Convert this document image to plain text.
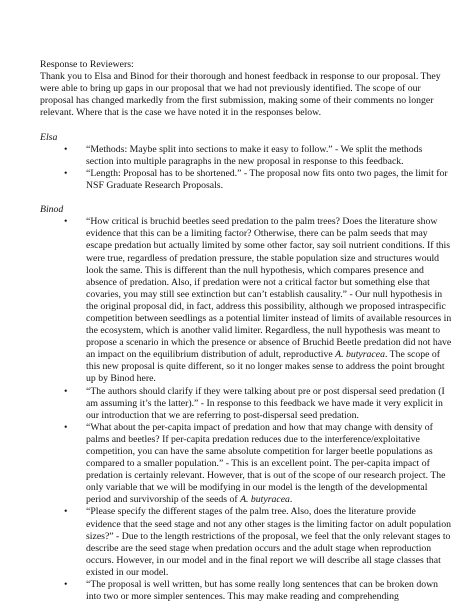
Response to Reviewers:

Thank you to Elsa and Binod for their thorough and honest feedback in response to our proposal. They were able to bring up gaps in our proposal that we had not previously identified. The scope of our proposal has changed markedly from the first submission, making some of their comments no longer relevant. Where that is the case we have noted it in the responses below.

Elsa

• “Methods: Maybe split into sections to make it easy to follow.” - We split the methods section into multiple paragraphs in the new proposal in response to this feedback.
• “Length: Proposal has to be shortened.” - The proposal now fits onto two pages, the limit for NSF Graduate Research Proposals.

Binod

• “How critical is bruchid beetles seed predation to the palm trees? Does the literature show evidence that this can be a limiting factor? Otherwise, there can be palm seeds that may escape predation but actually limited by some other factor, say soil nutrient conditions. If this were true, regardless of predation pressure, the stable population size and structures would look the same. This is different than the null hypothesis, which compares presence and absence of predation. Also, if predation were not a critical factor but something else that covaries, you may still see extinction but can’t establish causality.” - Our null hypothesis in the original proposal did, in fact, address this possibility, although we proposed intraspecific competition between seedlings as a potential limiter instead of limits of available resources in the ecosystem, which is another valid limiter. Regardless, the null hypothesis was meant to propose a scenario in which the presence or absence of Bruchid Beetle predation did not have an impact on the equilibrium distribution of adult, reproductive A. butyracea. The scope of this new proposal is quite different, so it no longer makes sense to address the point brought up by Binod here.
• “The authors should clarify if they were talking about pre or post dispersal seed predation (I am assuming it’s the latter).” - In response to this feedback we have made it very explicit in our introduction that we are referring to post-dispersal seed predation.
• “What about the per-capita impact of predation and how that may change with density of palms and beetles? If per-capita predation reduces due to the interference/exploitative competition, you can have the same absolute competition for larger beetle populations as compared to a smaller population.” - This is an excellent point. The per-capita impact of predation is certainly relevant. However, that is out of the scope of our research project. The only variable that we will be modifying in our model is the length of the developmental period and survivorship of the seeds of A. butyracea.
• “Please specify the different stages of the palm tree. Also, does the literature provide evidence that the seed stage and not any other stages is the limiting factor on adult population sizes?” - Due to the length restrictions of the proposal, we feel that the only relevant stages to describe are the seed stage when predation occurs and the adult stage when reproduction occurs. However, in our model and in the final report we will describe all stage classes that existed in our model.
• “The proposal is well written, but has some really long sentences that can be broken down into two or more simpler sentences. This may make reading and comprehending
